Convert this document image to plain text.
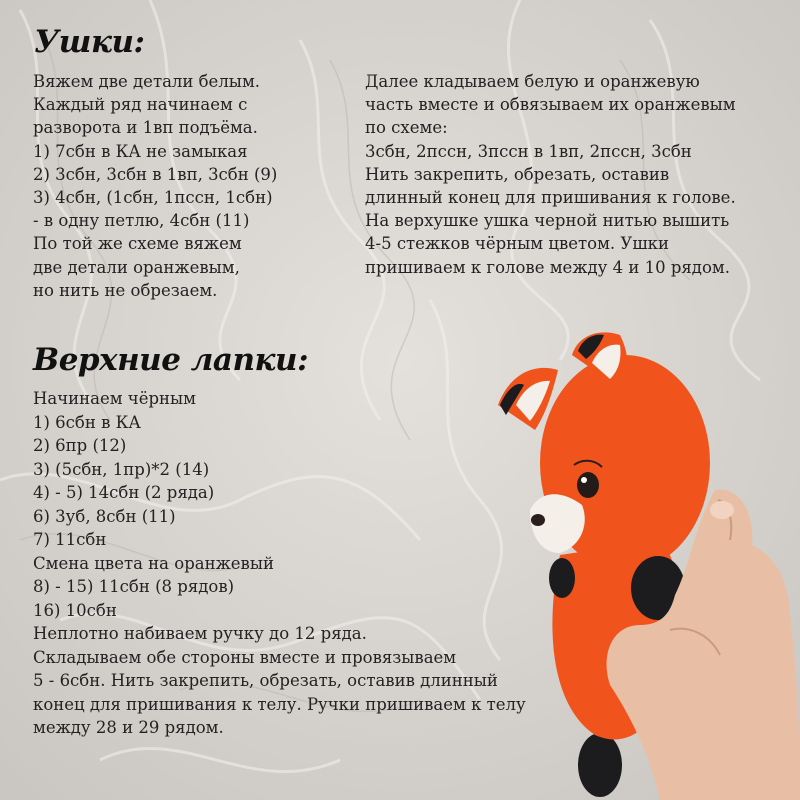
Ушки:
Вяжем две детали белым.
Каждый ряд начинаем с
разворота и 1вп подъёма.
1) 7сбн в КА не замыкая
2) 3сбн, 3сбн в 1вп, 3сбн (9)
3) 4сбн, (1сбн, 1пссн, 1сбн)
- в одну петлю, 4сбн (11)
По той же схеме вяжем
две детали оранжевым,
но нить не обрезаем.
Далее кладываем белую и оранжевую
часть вместе и обвязываем их оранжевым
по схеме:
3сбн, 2пссн, 3пссн в 1вп, 2пссн, 3сбн
Нить закрепить, обрезать, оставив
длинный конец для пришивания к голове.
На верхушке ушка черной нитью вышить
4-5 стежков чёрным цветом. Ушки
пришиваем к голове между 4 и 10 рядом.
Верхние лапки:
Начинаем чёрным
1) 6сбн в КА
2) 6пр (12)
3) (5сбн, 1пр)*2 (14)
4) - 5) 14сбн (2 ряда)
6) 3уб, 8сбн (11)
7) 11сбн
Смена цвета на оранжевый
8) - 15) 11сбн (8 рядов)
16) 10сбн
Неплотно набиваем ручку до 12 ряда.
Складываем обе стороны вместе и провязываем
5 - 6сбн. Нить закрепить, обрезать, оставив длинный
конец для пришивания к телу. Ручки пришиваем к телу
между 28 и 29 рядом.
